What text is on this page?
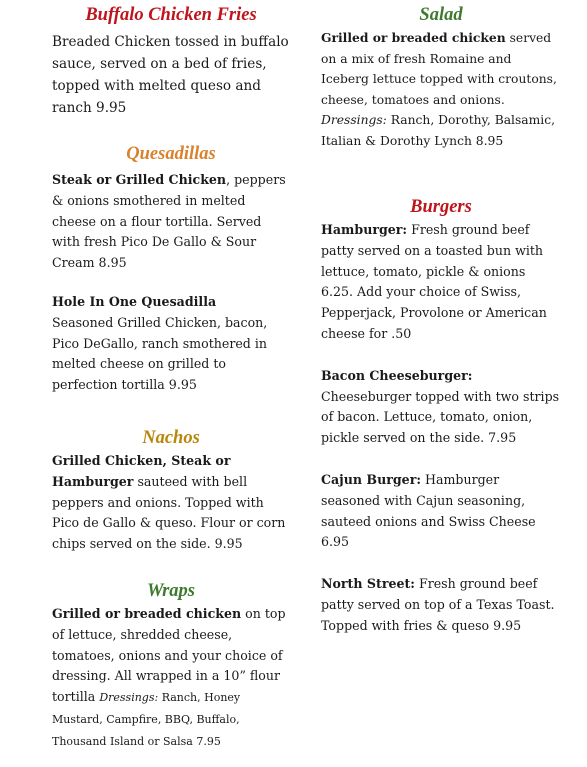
Buffalo Chicken Fries

Breaded Chicken tossed in buffalo sauce, served on a bed of fries, topped with melted queso and ranch 9.95

Quesadillas

Steak or Grilled Chicken, peppers & onions smothered in melted cheese on a flour tortilla. Served with fresh Pico De Gallo & Sour Cream 8.95

Hole In One Quesadilla
Seasoned Grilled Chicken, bacon, Pico DeGallo, ranch smothered in melted cheese on grilled to perfection tortilla 9.95

Nachos

Grilled Chicken, Steak or Hamburger sauteed with bell peppers and onions. Topped with Pico de Gallo & queso. Flour or corn chips served on the side. 9.95

Wraps

Grilled or breaded chicken on top of lettuce, shredded cheese, tomatoes, onions and your choice of dressing. All wrapped in a 10” flour tortilla Dressings: Ranch, Honey Mustard, Campfire, BBQ, Buffalo, Thousand Island or Salsa 7.95

Salad

Grilled or breaded chicken served on a mix of fresh Romaine and Iceberg lettuce topped with croutons, cheese, tomatoes and onions. Dressings: Ranch, Dorothy, Balsamic, Italian & Dorothy Lynch 8.95

Burgers

Hamburger: Fresh ground beef patty served on a toasted bun with lettuce, tomato, pickle & onions 6.25. Add your choice of Swiss, Pepperjack, Provolone or American cheese for .50

Bacon Cheeseburger:
Cheeseburger topped with two strips of bacon. Lettuce, tomato, onion, pickle served on the side. 7.95

Cajun Burger: Hamburger seasoned with Cajun seasoning, sauteed onions and Swiss Cheese 6.95

North Street: Fresh ground beef patty served on top of a Texas Toast. Topped with fries & queso 9.95
